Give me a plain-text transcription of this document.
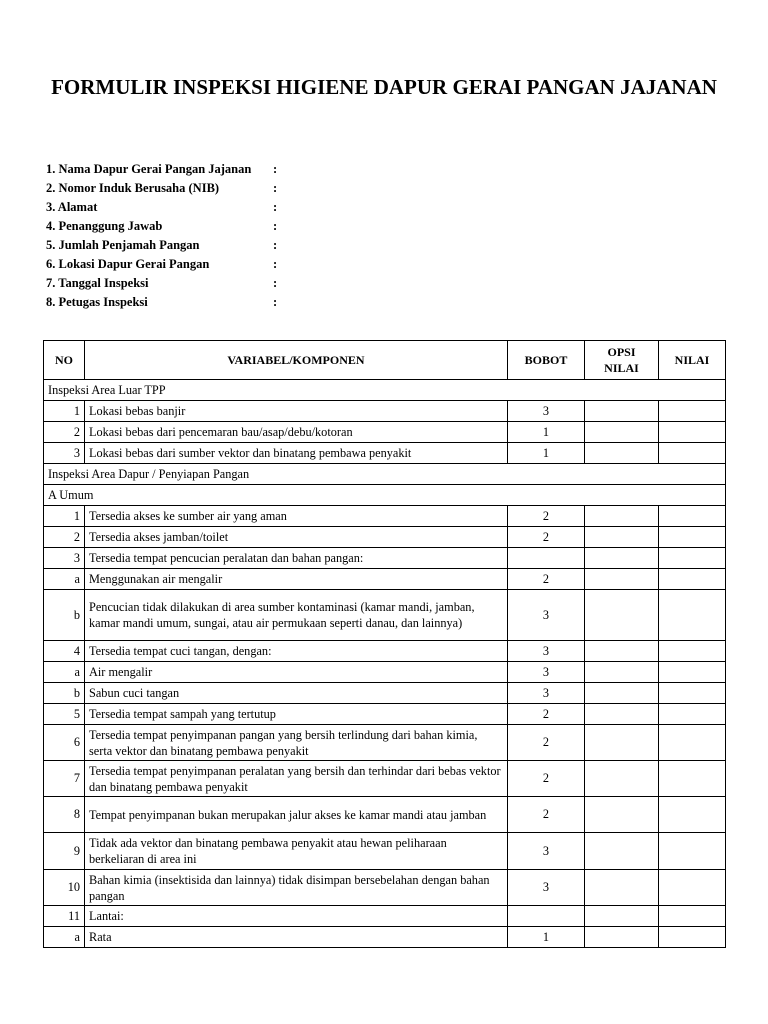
FORMULIR INSPEKSI HIGIENE DAPUR GERAI PANGAN JAJANAN
1. Nama Dapur Gerai Pangan Jajanan :
2. Nomor Induk Berusaha (NIB)	:
3. Alamat	:
4. Penanggung Jawab	:
5. Jumlah Penjamah Pangan	:
6. Lokasi Dapur Gerai Pangan	:
7. Tanggal Inspeksi	:
8. Petugas Inspeksi	:
NO	VARIABEL/KOMPONEN	BOBOT	OPSI NILAI	NILAI
Inspeksi Area Luar TPP				
1	Lokasi bebas banjir	3		
2	Lokasi bebas dari pencemaran bau/asap/debu/kotoran	1		
3	Lokasi bebas dari sumber vektor dan binatang pembawa penyakit	1		
Inspeksi Area Dapur / Penyiapan Pangan				
A Umum				
1	Tersedia akses ke sumber air yang aman	2		
2	Tersedia akses jamban/toilet	2		
3	Tersedia tempat pencucian peralatan dan bahan pangan:			
a	Menggunakan air mengalir	2		
b	Pencucian tidak dilakukan di area sumber kontaminasi (kamar mandi, jamban, kamar mandi umum, sungai, atau air permukaan seperti danau, dan lainnya)	3		
4	Tersedia tempat cuci tangan, dengan:	3		
a	Air mengalir	3		
b	Sabun cuci tangan	3		
5	Tersedia tempat sampah yang tertutup	2		
6	Tersedia tempat penyimpanan pangan yang bersih terlindung dari bahan kimia, serta vektor dan binatang pembawa penyakit	2		
7	Tersedia tempat penyimpanan peralatan yang bersih dan terhindar dari bebas vektor dan binatang pembawa penyakit	2		
8	Tempat penyimpanan bukan merupakan jalur akses ke kamar mandi atau jamban	2		
9	Tidak ada vektor dan binatang pembawa penyakit atau hewan peliharaan berkeliaran di area ini	3		
10	Bahan kimia (insektisida dan lainnya) tidak disimpan bersebelahan dengan bahan pangan	3		
11	Lantai:			
a	Rata	1		
